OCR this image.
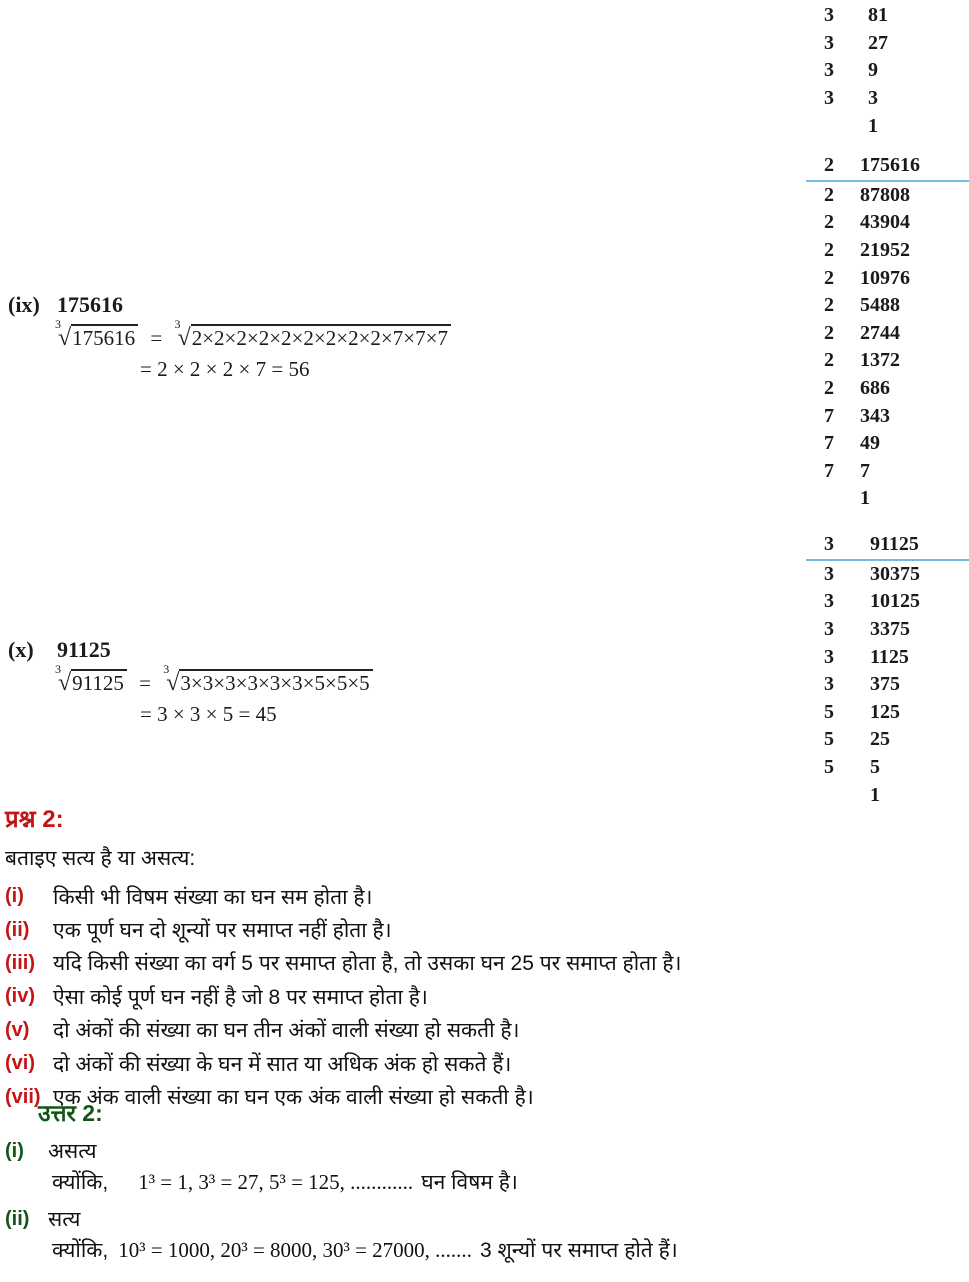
3 81
3 27
3 9
3 3
1
2 175616
2 87808
2 43904
2 21952
2 10976
2 5488
2 2744
2 1372
2 686
7 343
7 49
7 7
1
3 91125
3 30375
3 10125
3 3375
3 1125
3 375
5 125
5 25
5 5
1
(ix) 175616
$^3$√175616 = $^3$√2×2×2×2×2×2×2×2×2×7×7×7
= 2 × 2 × 2 × 7 = 56
(x)	91125
$^3$√91125 = $^3$√3×3×3×3×3×3×5×5×5
= 3 × 3 × 5 = 45
प्रश्न 2:
बताइए सत्य है या असत्य:
(i)	किसी भी विषम संख्या का घन सम होता है।
(ii)	एक पूर्ण घन दो शून्यों पर समाप्त नहीं होता है।
(iii) यदि किसी संख्या का वर्ग 5 पर समाप्त होता है, तो उसका घन 25 पर समाप्त होता है।
(iv) ऐसा कोई पूर्ण घन नहीं है जो 8 पर समाप्त होता है।
(v)	दो अंकों की संख्या का घन तीन अंकों वाली संख्या हो सकती है।
(vi) दो अंकों की संख्या के घन में सात या अधिक अंक हो सकते हैं।
(vii) एक अंक वाली संख्या का घन एक अंक वाली संख्या हो सकती है।
उत्तर 2:
(i)	असत्य
क्योंकि, 1³ = 1, 3³ = 27, 5³ = 125, ............ घन विषम है।
(ii) सत्य
क्योंकि, 10³ = 1000, 20³ = 8000, 30³ = 27000, ....... 3 शून्यों पर समाप्त होते हैं।
